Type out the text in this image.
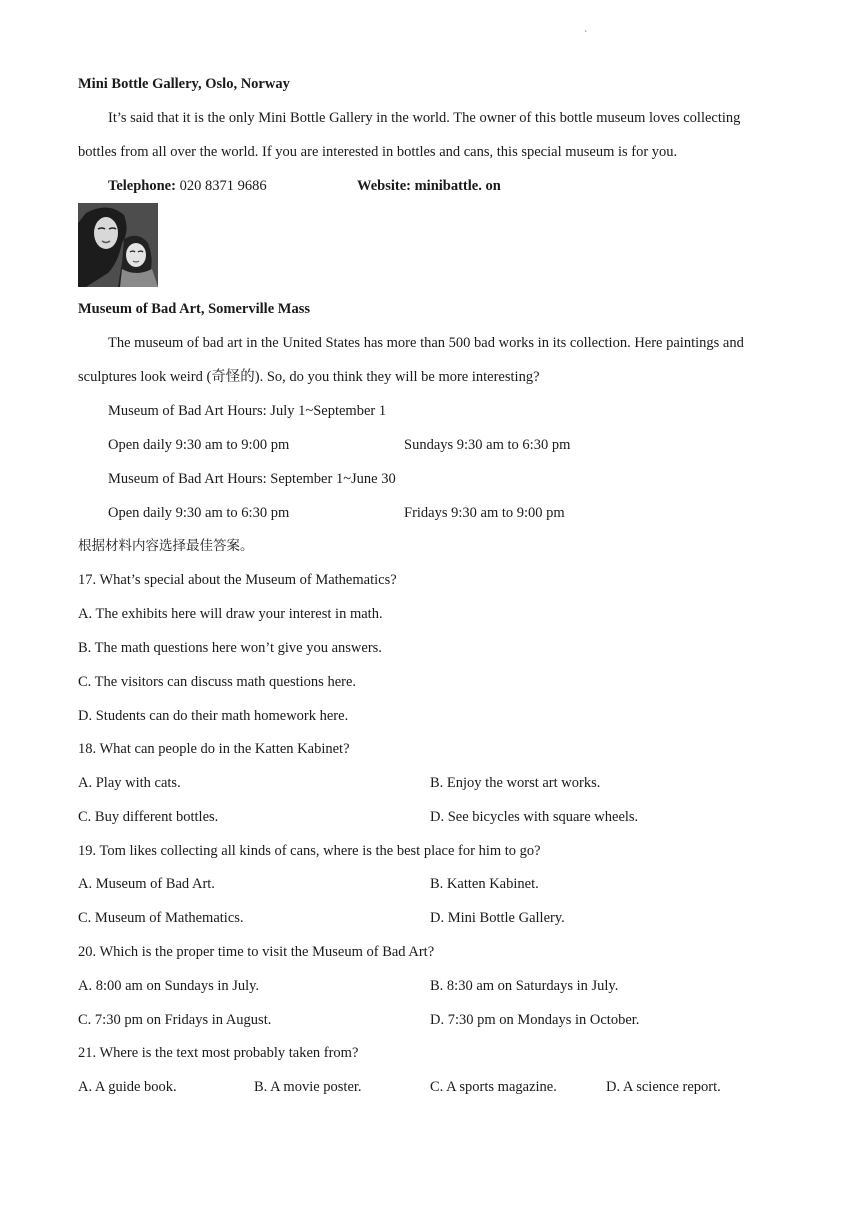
`
Mini Bottle Gallery, Oslo, Norway
It’s said that it is the only Mini Bottle Gallery in the world. The owner of this bottle museum loves collecting
bottles from all over the world. If you are interested in bottles and cans, this special museum is for you.
Telephone: 020 8371 9686	Website: minibattle. on
Museum of Bad Art, Somerville Mass
The museum of bad art in the United States has more than 500 bad works in its collection. Here paintings and
sculptures look weird (奇怪的). So, do you think they will be more interesting?
Museum of Bad Art Hours: July 1~September 1
Open daily 9:30 am to 9:00 pm	Sundays 9:30 am to 6:30 pm
Museum of Bad Art Hours: September 1~June 30
Open daily 9:30 am to 6:30 pm	Fridays 9:30 am to 9:00 pm
根据材料内容选择最佳答案。
17. What’s special about the Museum of Mathematics?
A. The exhibits here will draw your interest in math.
B. The math questions here won’t give you answers.
C. The visitors can discuss math questions here.
D. Students can do their math homework here.
18. What can people do in the Katten Kabinet?
A. Play with cats.	B. Enjoy the worst art works.
C. Buy different bottles.	D. See bicycles with square wheels.
19. Tom likes collecting all kinds of cans, where is the best place for him to go?
A. Museum of Bad Art.	B. Katten Kabinet.
C. Museum of Mathematics.	D. Mini Bottle Gallery.
20. Which is the proper time to visit the Museum of Bad Art?
A. 8:00 am on Sundays in July.	B. 8:30 am on Saturdays in July.
C. 7:30 pm on Fridays in August.	D. 7:30 pm on Mondays in October.
21. Where is the text most probably taken from?
A. A guide book.	B. A movie poster.	C. A sports magazine.	D. A science report.
